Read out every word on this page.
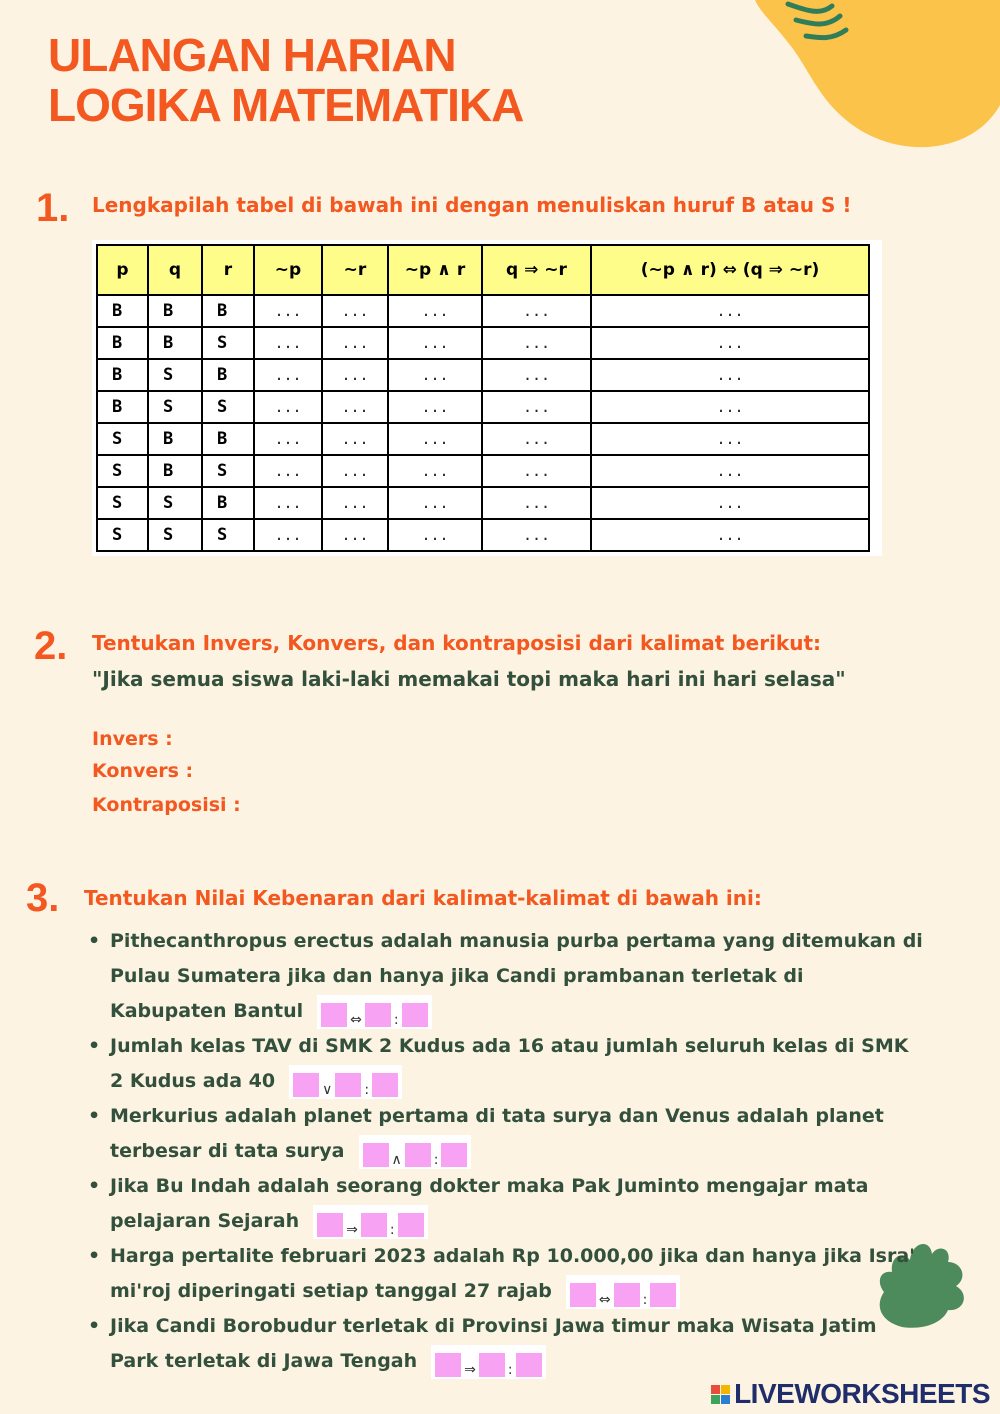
ULANGAN HARIAN
LOGIKA MATEMATIKA
1. Lengkapilah tabel di bawah ini dengan menuliskan huruf B atau S !
p	q	r	~p	~r	~p ∧ r	q ⇒ ~r	(~p ∧ r) ⇔ (q ⇒ ~r)
B	B	B	...	...	...	...	...
B	B	S	...	...	...	...	...
B	S	B	...	...	...	...	...
B	S	S	...	...	...	...	...
S	B	B	...	...	...	...	...
S	B	S	...	...	...	...	...
S	S	B	...	...	...	...	...
S	S	S	...	...	...	...	...
2. Tentukan Invers, Konvers, dan kontraposisi dari kalimat berikut:
"Jika semua siswa laki-laki memakai topi maka hari ini hari selasa"
Invers :
Konvers :
Kontraposisi :
3. Tentukan Nilai Kebenaran dari kalimat-kalimat di bawah ini:
• Pithecanthropus erectus adalah manusia purba pertama yang ditemukan di Pulau Sumatera jika dan hanya jika Candi prambanan terletak di Kabupaten Bantul	⇔ :
• Jumlah kelas TAV di SMK 2 Kudus ada 16 atau jumlah seluruh kelas di SMK 2 Kudus ada 40	∨ :
• Merkurius adalah planet pertama di tata surya dan Venus adalah planet terbesar di tata surya	∧ :
• Jika Bu Indah adalah seorang dokter maka Pak Juminto mengajar mata pelajaran Sejarah	⇒ :
• Harga pertalite februari 2023 adalah Rp 10.000,00 jika dan hanya jika Isra' mi'roj diperingati setiap tanggal 27 rajab	⇔ :
• Jika Candi Borobudur terletak di Provinsi Jawa timur maka Wisata Jatim Park terletak di Jawa Tengah	⇒ :
LIVEWORKSHEETS
